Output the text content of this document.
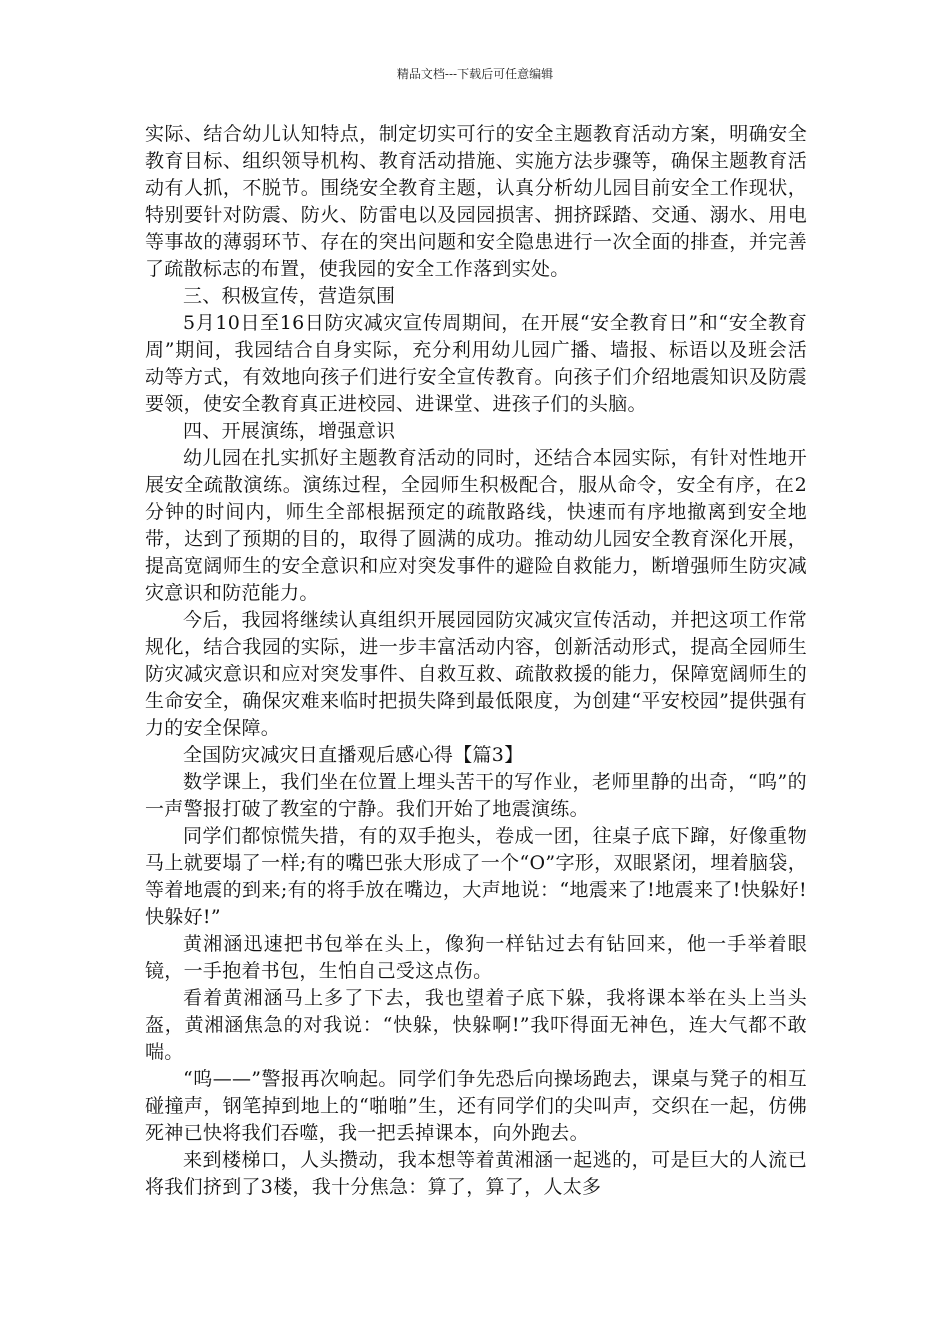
精品文档---下载后可任意编辑

实际、结合幼儿认知特点，制定切实可行的安全主题教育活动方案，明确安全教育目标、组织领导机构、教育活动措施、实施方法步骤等，确保主题教育活动有人抓，不脱节。围绕安全教育主题，认真分析幼儿园目前安全工作现状，特别要针对防震、防火、防雷电以及园园损害、拥挤踩踏、交通、溺水、用电等事故的薄弱环节、存在的突出问题和安全隐患进行一次全面的排查，并完善了疏散标志的布置，使我园的安全工作落到实处。

三、积极宣传，营造氛围

5月10日至16日防灾减灾宣传周期间，在开展“安全教育日”和“安全教育周”期间，我园结合自身实际，充分利用幼儿园广播、墙报、标语以及班会活动等方式，有效地向孩子们进行安全宣传教育。向孩子们介绍地震知识及防震要领，使安全教育真正进校园、进课堂、进孩子们的头脑。

四、开展演练，增强意识

幼儿园在扎实抓好主题教育活动的同时，还结合本园实际，有针对性地开展安全疏散演练。演练过程，全园师生积极配合，服从命令，安全有序，在2分钟的时间内，师生全部根据预定的疏散路线，快速而有序地撤离到安全地带，达到了预期的目的，取得了圆满的成功。推动幼儿园安全教育深化开展，提高宽阔师生的安全意识和应对突发事件的避险自救能力，断增强师生防灾减灾意识和防范能力。

今后，我园将继续认真组织开展园园防灾减灾宣传活动，并把这项工作常规化，结合我园的实际，进一步丰富活动内容，创新活动形式，提高全园师生防灾减灾意识和应对突发事件、自救互救、疏散救援的能力，保障宽阔师生的生命安全，确保灾难来临时把损失降到最低限度，为创建“平安校园”提供强有力的安全保障。

全国防灾减灾日直播观后感心得【篇3】

数学课上，我们坐在位置上埋头苦干的写作业，老师里静的出奇，“呜”的一声警报打破了教室的宁静。我们开始了地震演练。

同学们都惊慌失措，有的双手抱头，卷成一团，往桌子底下蹿，好像重物马上就要塌了一样;有的嘴巴张大形成了一个“O”字形，双眼紧闭，埋着脑袋，等着地震的到来;有的将手放在嘴边，大声地说：“地震来了!地震来了!快躲好!快躲好!”

黄湘涵迅速把书包举在头上，像狗一样钻过去有钻回来，他一手举着眼镜，一手抱着书包，生怕自己受这点伤。

看着黄湘涵马上多了下去，我也望着子底下躲，我将课本举在头上当头盔，黄湘涵焦急的对我说：“快躲，快躲啊!”我吓得面无神色，连大气都不敢喘。

“呜——”警报再次响起。同学们争先恐后向操场跑去，课桌与凳子的相互碰撞声，钢笔掉到地上的“啪啪”生，还有同学们的尖叫声，交织在一起，仿佛死神已快将我们吞噬，我一把丢掉课本，向外跑去。

来到楼梯口，人头攒动，我本想等着黄湘涵一起逃的，可是巨大的人流已将我们挤到了3楼，我十分焦急：算了，算了，人太多
